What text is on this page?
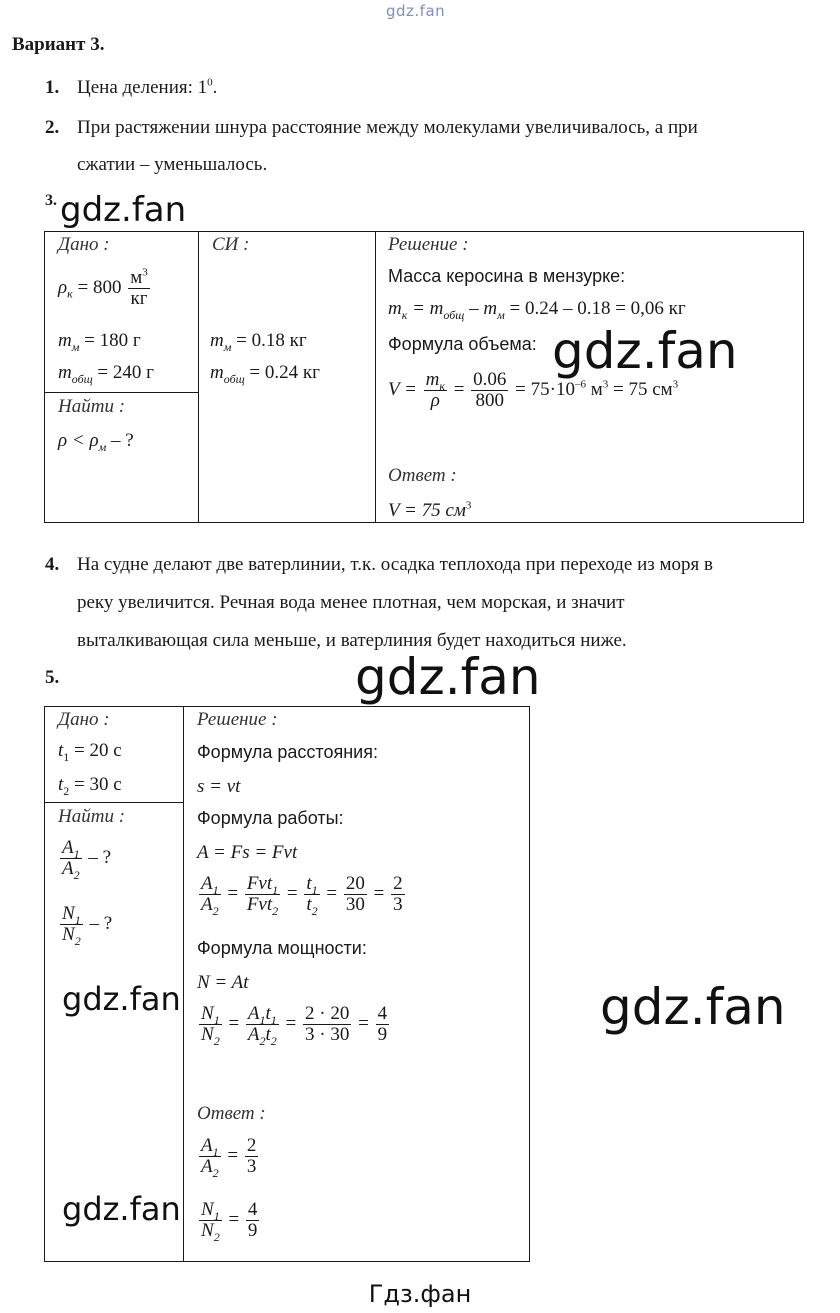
gdz.fan
Вариант 3.
1. Цена деления: $1^0$.
2. При растяжении шнура расстояние между молекулами увеличивалось, а при
сжатии – уменьшалось.
3. gdz.fan
Дано :
$\rho_к = 800 \frac{м^3}{кг}$
$m_м = 180$ г
$m_{общ} = 240$ г
Найти :
$\rho < \rho_м$ – ?
СИ :
$m_м = 0.18$ кг
$m_{общ} = 0.24$ кг
Решение :
Масса керосина в мензурке:
$m_к = m_{общ} - m_м = 0.24 - 0.18 = 0,06$ кг
Формула объема:
$V = \frac{m_к}{\rho} = \frac{0.06}{800} = 75\cdot 10^{-6}$ $м^3 = 75$ $см^3$
Ответ :
V = 75 $см^3$
gdz.fan
4. На судне делают две ватерлинии, т.к. осадка теплохода при переходе из моря в
реку увеличится. Речная вода менее плотная, чем морская, и значит
выталкивающая сила меньше, и ватерлиния будет находиться ниже.
5.	gdz.fan
Дано :
$t_1 = 20$ с
$t_2 = 30$ с
Найти :
$\frac{A_1}{A_2}$ – ?
$\frac{N_1}{N_2}$ – ?
Решение :
Формула расстояния:
s = vt
Формула работы:
A = Fs = Fvt
$\frac{A_1}{A_2} = \frac{Fvt_1}{Fvt_2} = \frac{t_1}{t_2} = \frac{20}{30} = \frac{2}{3}$
Формула мощности:
N = At
$\frac{N_1}{N_2} = \frac{A_1t_1}{A_2t_2} = \frac{2 \cdot 20}{3 \cdot 30} = \frac{4}{9}$
Ответ :
$\frac{A_1}{A_2} = \frac{2}{3}$
$\frac{N_1}{N_2} = \frac{4}{9}$
gdz.fan	gdz.fan
gdz.fan
Гдз.фан
